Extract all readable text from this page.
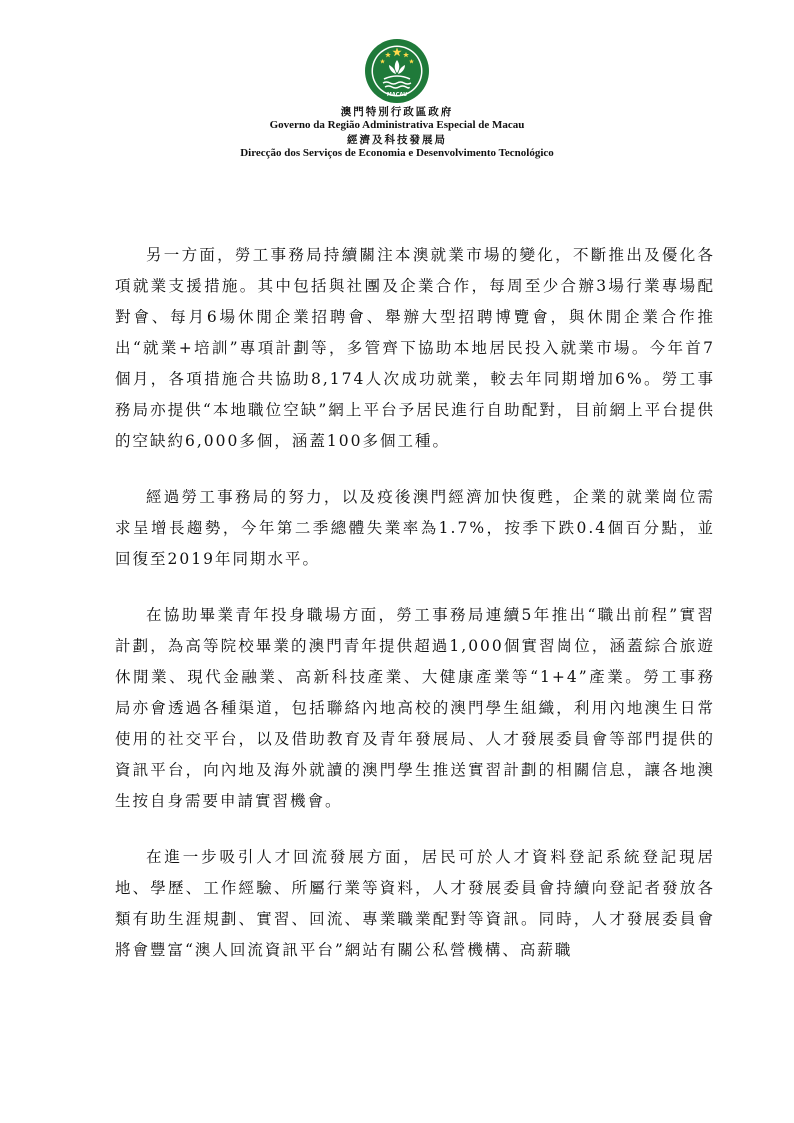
MACAU
澳門特別行政區政府
Governo da Região Administrativa Especial de Macau
經濟及科技發展局
Direcção dos Serviços de Economia e Desenvolvimento Tecnológico

另一方面，勞工事務局持續關注本澳就業市場的變化，不斷推出及優化各項就業支援措施。其中包括與社團及企業合作，每周至少合辦3場行業專場配對會、每月6場休閒企業招聘會、舉辦大型招聘博覽會，與休閒企業合作推出“就業+培訓”專項計劃等，多管齊下協助本地居民投入就業市場。今年首7個月，各項措施合共協助8,174人次成功就業，較去年同期增加6%。勞工事務局亦提供“本地職位空缺”網上平台予居民進行自助配對，目前網上平台提供的空缺約6,000多個，涵蓋100多個工種。

經過勞工事務局的努力，以及疫後澳門經濟加快復甦，企業的就業崗位需求呈增長趨勢，今年第二季總體失業率為1.7%，按季下跌0.4個百分點，並回復至2019年同期水平。

在協助畢業青年投身職場方面，勞工事務局連續5年推出“職出前程”實習計劃，為高等院校畢業的澳門青年提供超過1,000個實習崗位，涵蓋綜合旅遊休閒業、現代金融業、高新科技產業、大健康產業等“1+4”產業。勞工事務局亦會透過各種渠道，包括聯絡內地高校的澳門學生組織，利用內地澳生日常使用的社交平台，以及借助教育及青年發展局、人才發展委員會等部門提供的資訊平台，向內地及海外就讀的澳門學生推送實習計劃的相關信息，讓各地澳生按自身需要申請實習機會。

在進一步吸引人才回流發展方面，居民可於人才資料登記系統登記現居地、學歷、工作經驗、所屬行業等資料，人才發展委員會持續向登記者發放各類有助生涯規劃、實習、回流、專業職業配對等資訊。同時，人才發展委員會將會豐富“澳人回流資訊平台”網站有關公私營機構、高薪職
